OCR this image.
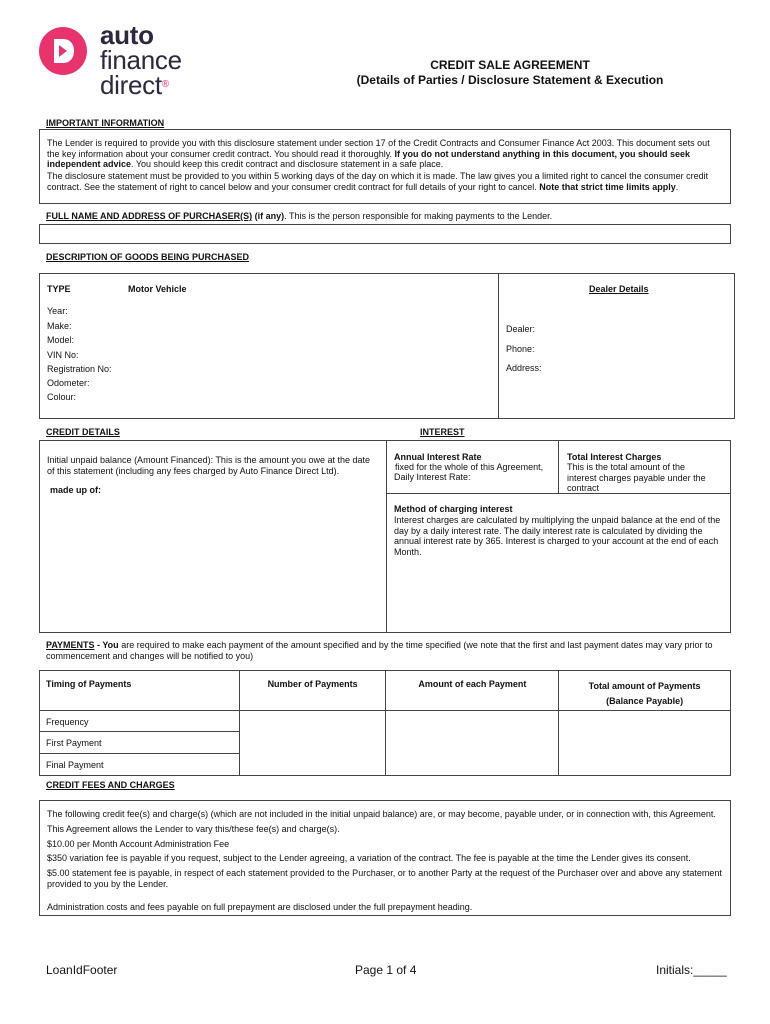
auto
finance
direct®
CREDIT SALE AGREEMENT
(Details of Parties / Disclosure Statement & Execution
IMPORTANT INFORMATION

The Lender is required to provide you with this disclosure statement under section 17 of the Credit Contracts and Consumer Finance Act 2003. This document sets out the key information about your consumer credit contract. You should read it thoroughly. If you do not understand anything in this document, you should seek independent advice. You should keep this credit contract and disclosure statement in a safe place.

The disclosure statement must be provided to you within 5 working days of the day on which it is made. The law gives you a limited right to cancel the consumer credit contract. See the statement of right to cancel below and your consumer credit contract for full details of your right to cancel. Note that strict time limits apply.

FULL NAME AND ADDRESS OF PURCHASER(S) (if any). This is the person responsible for making payments to the Lender.
DESCRIPTION OF GOODS BEING PURCHASED
TYPE	Motor Vehicle
Year:
Make:
Model:
VIN No:
Registration No:
Odometer:
Colour:
Dealer Details
Dealer:
Phone:
Address:
CREDIT DETAILS	INTEREST

Initial unpaid balance (Amount Financed): This is the amount you owe at the date of this statement (including any fees charged by Auto Finance Direct Ltd).

made up of:
Annual Interest Rate
fixed for the whole of this Agreement,
Daily Interest Rate:
Total Interest Charges

This is the total amount of the interest charges payable under the contract

Method of charging interest

Interest charges are calculated by multiplying the unpaid balance at the end of the day by a daily interest rate. The daily interest rate is calculated by dividing the annual interest rate by 365. Interest is charged to your account at the end of each Month.

PAYMENTS - You are required to make each payment of the amount specified and by the time specified (we note that the first and last payment dates may vary prior to commencement and changes will be notified to you)
Timing of Payments	Number of Payments	Amount of each Payment	Total amount of Payments
(Balance Payable)
Frequency			
First Payment			
Final Payment			
CREDIT FEES AND CHARGES

The following credit fee(s) and charge(s) (which are not included in the initial unpaid balance) are, or may become, payable under, or in connection with, this Agreement.

This Agreement allows the Lender to vary this/these fee(s) and charge(s).

$10.00 per Month Account Administration Fee

$350 variation fee is payable if you request, subject to the Lender agreeing, a variation of the contract. The fee is payable at the time the Lender gives its consent.

$5.00 statement fee is payable, in respect of each statement provided to the Purchaser, or to another Party at the request of the Purchaser over and above any statement provided to you by the Lender.

Administration costs and fees payable on full prepayment are disclosed under the full prepayment heading.

LoanIdFooter	Page 1 of 4	Initials:_____
